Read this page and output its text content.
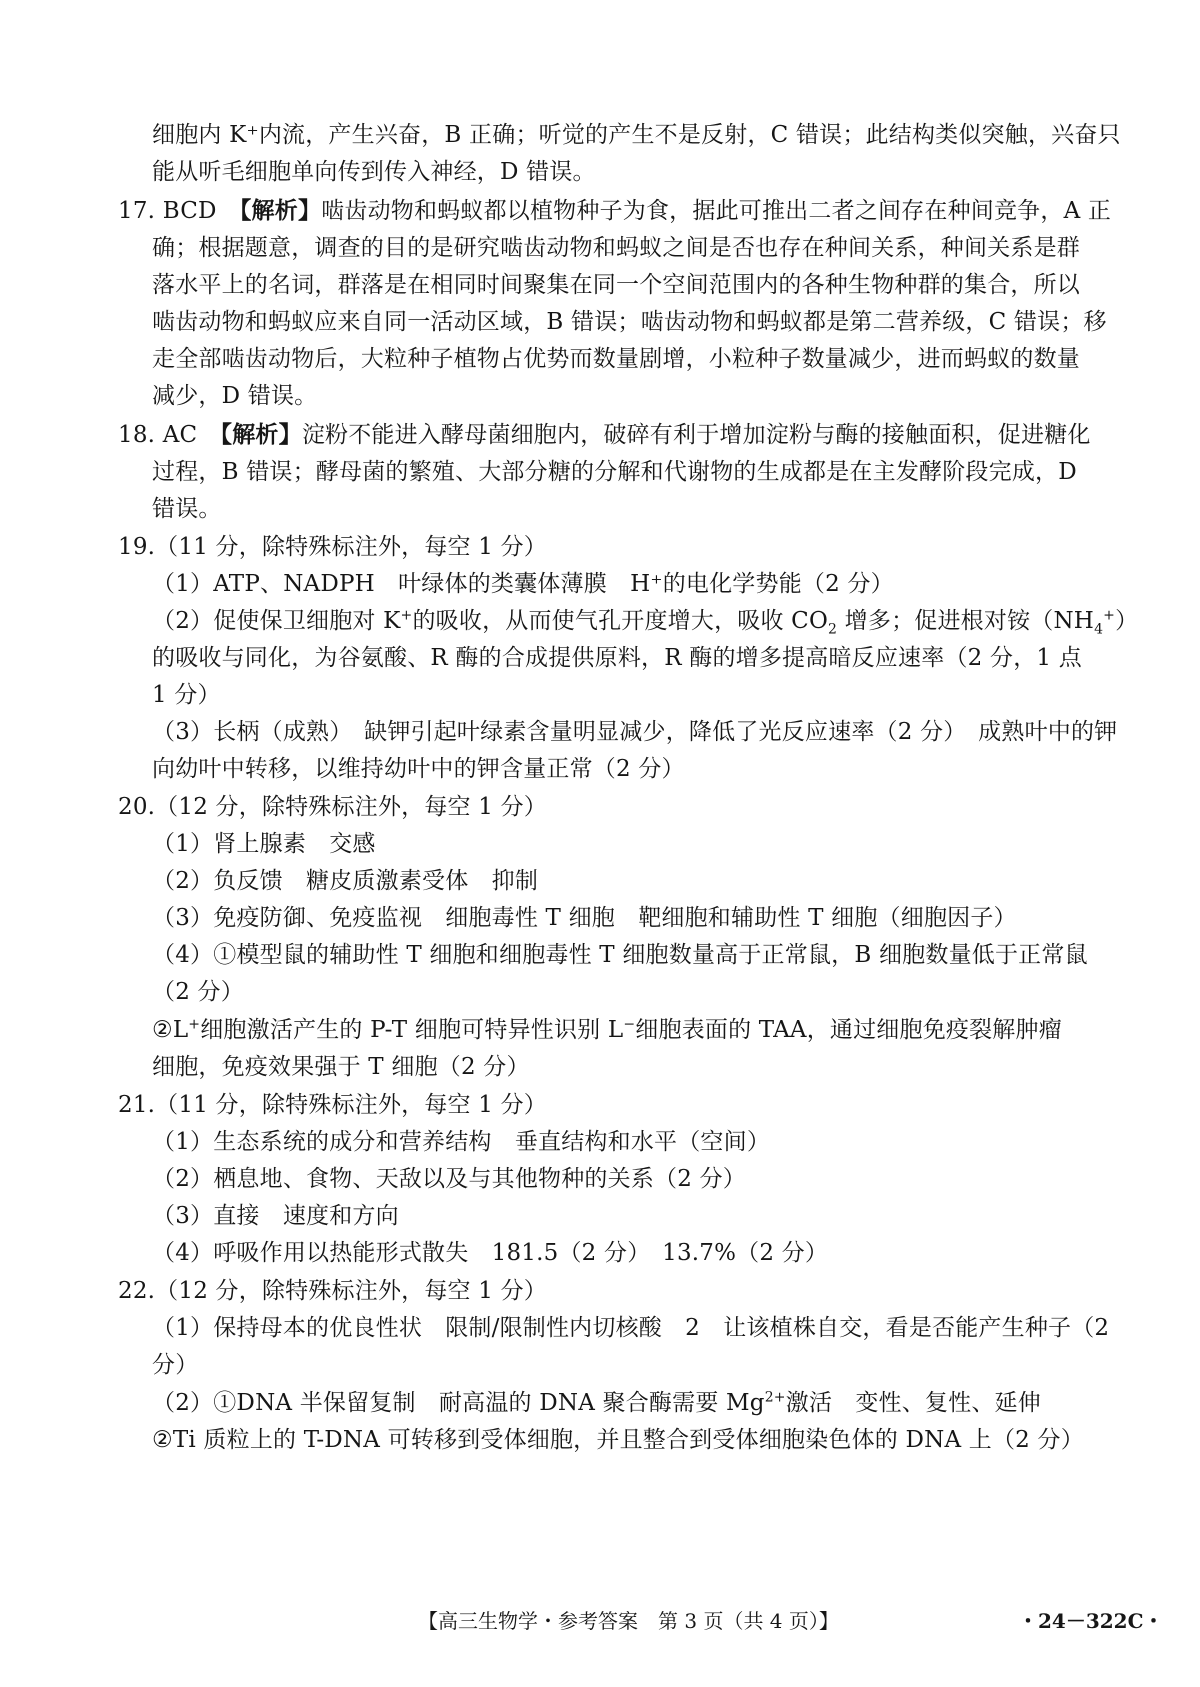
细胞内 K⁺内流，产生兴奋，B 正确；听觉的产生不是反射，C 错误；此结构类似突触，兴奋只
能从听毛细胞单向传到传入神经，D 错误。
17. BCD　 【解析】啮齿动物和蚂蚁都以植物种子为食，据此可推出二者之间存在种间竞争，A 正
确；根据题意，调查的目的是研究啮齿动物和蚂蚁之间是否也存在种间关系，种间关系是群
落水平上的名词，群落是在相同时间聚集在同一个空间范围内的各种生物种群的集合，所以
啮齿动物和蚂蚁应来自同一活动区域，B 错误；啮齿动物和蚂蚁都是第二营养级，C 错误；移
走全部啮齿动物后，大粒种子植物占优势而数量剧增，小粒种子数量减少，进而蚂蚁的数量
减少，D 错误。
18. AC　 【解析】淀粉不能进入酵母菌细胞内，破碎有利于增加淀粉与酶的接触面积，促进糖化
过程，B 错误；酵母菌的繁殖、大部分糖的分解和代谢物的生成都是在主发酵阶段完成，D
错误。
19.（11 分，除特殊标注外，每空 1 分）
（1）ATP、NADPH　叶绿体的类囊体薄膜　H⁺的电化学势能（2 分）
（2）促使保卫细胞对 K+的吸收，从而使气孔开度增大，吸收 $CO_2$ 增多；促进根对铵$(NH_4^+)$
的吸收与同化，为谷氨酸、R 酶的合成提供原料，R 酶的增多提高暗反应速率（2 分，1 点
1 分）
（3）长柄（成熟）　缺钾引起叶绿素含量明显减少，降低了光反应速率（2 分）　成熟叶中的钾
向幼叶中转移，以维持幼叶中的钾含量正常（2 分）
20.（12 分，除特殊标注外，每空 1 分）
（1）肾上腺素　交感
（2）负反馈　糖皮质激素受体　抑制
（3）免疫防御、免疫监视　细胞毒性 T 细胞　靶细胞和辅助性 T 细胞（细胞因子）
（4）①模型鼠的辅助性 T 细胞和细胞毒性 T 细胞数量高于正常鼠，B 细胞数量低于正常鼠
（2 分）
②L+细胞激活产生的 P-T 细胞可特异性识别 L−细胞表面的 TAA，通过细胞免疫裂解肿瘤
细胞，免疫效果强于 T 细胞（2 分）
21.（11 分，除特殊标注外，每空 1 分）
（1）生态系统的成分和营养结构　垂直结构和水平（空间）
（2）栖息地、食物、天敌以及与其他物种的关系（2 分）
（3）直接　速度和方向
（4）呼吸作用以热能形式散失　181.5（2 分）　13.7%（2 分）
22.（12 分，除特殊标注外，每空 1 分）
（1）保持母本的优良性状　限制/限制性内切核酸　2　让该植株自交，看是否能产生种子（2
分）
（2）①DNA 半保留复制　耐高温的 DNA 聚合酶需要 $Mg^{2+}$激活　变性、复性、延伸
②Ti 质粒上的 T-DNA 可转移到受体细胞，并且整合到受体细胞染色体的 DNA 上（2 分）
【高三生物学・参考答案　第 3 页（共 4 页）】	・24－322C・
